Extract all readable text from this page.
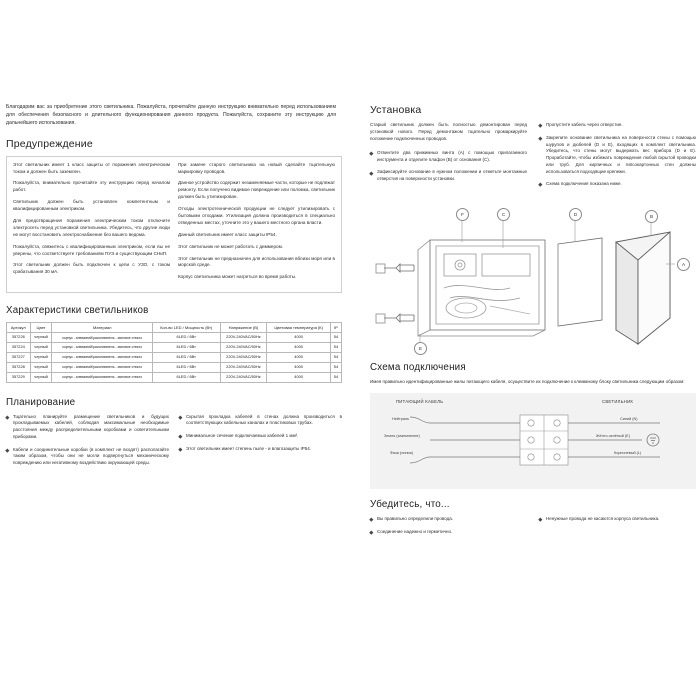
Благодарим вас за приобретение этого светильника. Пожалуйста, прочитайте данную инструкцию внимательно перед использованием для обеспечения безопасного и длительного функционирования данного продукта. Пожалуйста, сохраните эту инструкцию для дальнейшего использования.
Предупреждение

Этот светильник имеет 1 класс защиты от поражения электрическим током и должен быть заземлен.

Пожалуйста, внимательно прочитайте эту инструкцию перед началом работ.

Светильник должен быть установлен компетентным и квалифицированным электриком.

Для предотвращения поражения электрическим током отключите электросеть перед установкой светильника. Убедитесь, что другие люди не могут восстановить электроснабжение без вашего ведома.

Пожалуйста, свяжитесь с квалифицированным электриком, если вы не уверены, что соответствуете требованиям ПУЭ и существующим СНиП.

Этот светильник должен быть подключен к цепи с УЗО, с током срабатывания 30 мА.

При замене старого светильника на новый сделайте тщательную маркировку проводов.

Данное устройство содержит незаменяемые части, которые не подлежат ремонту. Если получено видимое повреждение или поломка, светильник должен быть утилизирован.

Отходы электротехнической продукции не следует утилизировать с бытовыми отходами. Утилизация должна производиться в специально отведенных местах, уточните это у вашего местного органа власти.

Данный светильник имеет класс защиты IP54.

Этот светильник не может работать с диммером.

Этот светильник не предназначен для использования вблизи моря или в морской среде.

Корпус светильника может нагреться во время работы.

Характеристики светильников
Артикул	Цвет	Материал	Кол-во LED / Мощность (Вт)	Напряжение (В)	Цветовая температура (К)	IP
357226	черный	корпус - алюминий/рассеиватель - матовое стекло	6LED / 6Вт	220V-240VAC/50Hz	4000	54
357224	черный	корпус - алюминий/рассеиватель - матовое стекло	6LED / 6Вт	220V-240VAC/50Hz	4000	54
357227	черный	корпус - алюминий/рассеиватель - матовое стекло	6LED / 6Вт	220V-240VAC/50Hz	4000	54
357228	черный	корпус - алюминий/рассеиватель - матовое стекло	6LED / 6Вт	220V-240VAC/50Hz	4000	54
357229	черный	корпус - алюминий/рассеиватель - матовое стекло	6LED / 6Вт	220V-240VAC/50Hz	4000	54
Планирование
Тщательно планируйте размещение светильников и будущих прокладываемых кабелей, соблюдая максимальные необходимые расстояния между распределительными коробками и осветительными приборами.
Кабели и соединительные коробки (в комплект не входят) располагайте таким образом, чтобы они не могли подвергнуться механическому повреждению или негативному воздействию окружающей среды.
Скрытая прокладка кабелей в стенах должна производиться в соответствующих кабельных каналах и пластиковых трубах.
Минимальное сечение подключаемых кабелей 1 мм².
Этот светильник имеет степень пыле - и влагозащиты IP54.
Установка

Старый светильник должен быть полностью демонтирован перед установкой нового. Перед демонтажом тщательно промаркируйте положение подключенных проводов.

Отвинтите два прижимных винта (A) с помощью прилагаемого инструмента и отделите плафон (B) от основания (C).
Зафиксируйте основание в нужном положении и отметьте монтажные отверстия на поверхности установки.
Пропустите кабель через отверстие.
Закрепите основание светильника на поверхности стены с помощью шурупов и дюбелей (D и E), входящих в комплект светильника. Убедитесь, что стены могут выдержать вес прибора (D и E). Проработайте, чтобы избежать повреждения любой скрытой проводки или труб. Для кирпичных и гипсокартонных стен должны использоваться подходящие крепежи.
Схема подключения показана ниже.
F	C	D	B
A
E
Схема подключения

Имея правильно идентифицированные жилы питающего кабеля, осуществите их подключение к клеммному блоку светильника следующим образом:

ПИТАЮЩИЙ КАБЕЛЬ	СВЕТИЛЬНИК
Нейтраль
Земля (заземление)
Фаза (линия)
Синий (N)
Жёлто-зелёный (E)
Коричневый (L)
Убедитесь, что...
Вы правильно определили провода.
Соединение надежно и герметично.
Ненужные провода не касаются корпуса светильника.
